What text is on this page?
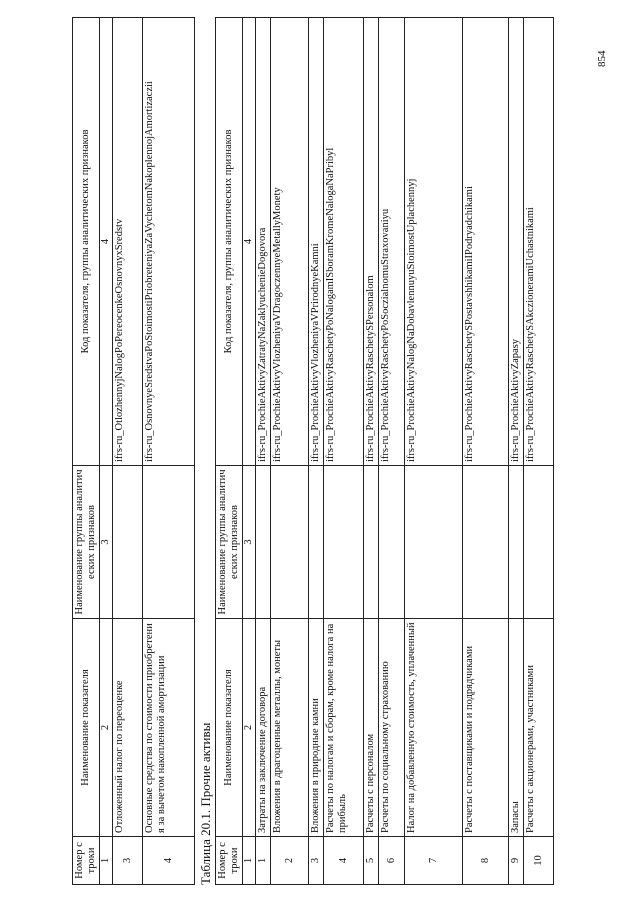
Номер строки	Наименование показателя	Наименование группы аналитических признаков	Код показателя, группы аналитических признаков
1	2	3	4
3	Отложенный налог по переоценке		ifrs-ru_OtlozhennyjNalogPoPereocenkeOsnovnyxSredstv
4	Основные средства по стоимости приобретения за вычетом накопленной амортизации		ifrs-ru_OsnovnyeSredstvaPoStoimostiPriobreteniyaZaVychetomNakoplennojAmortizaczii
Таблица 20.1. Прочие активы Номер строки	Наименование показателя	Наименование группы аналитических признаков	Код показателя, группы аналитических признаков
1	2	3	4
1	Затраты на заключение договора		ifrs-ru_ProchieAktivyZatratyNaZaklyuchenieDogovora
2	Вложения в драгоценные металлы, монеты		ifrs-ru_ProchieAktivyVlozheniyaVDragoczennyeMetallyMonety
3	Вложения в природные камни		ifrs-ru_ProchieAktivyVlozheniyaVPrirodnyeKamni
4	Расчеты по налогам и сборам, кроме налога на прибыль		ifrs-ru_ProchieAktivyRaschetyPoNalogamISboramKromeNalogaNaPribyl
5	Расчеты с персоналом		ifrs-ru_ProchieAktivyRaschetySPersonalom
6	Расчеты по социальному страхованию		ifrs-ru_ProchieAktivyRaschetyPoSoczialnomuStraxovaniyu
7	Налог на добавленную стоимость, уплаченный		ifrs-ru_ProchieAktivyNalogNaDobavlennuyuStoimostUplachennyj
8	Расчеты с поставщиками и подрядчиками		ifrs-ru_ProchieAktivyRaschetySPostavshhikamiIPodryadchikami
9	Запасы		ifrs-ru_ProchieAktivyZapasy
10	Расчеты с акционерами, участниками		ifrs-ru_ProchieAktivyRaschetySAkczioneramiUchastnikami
854
